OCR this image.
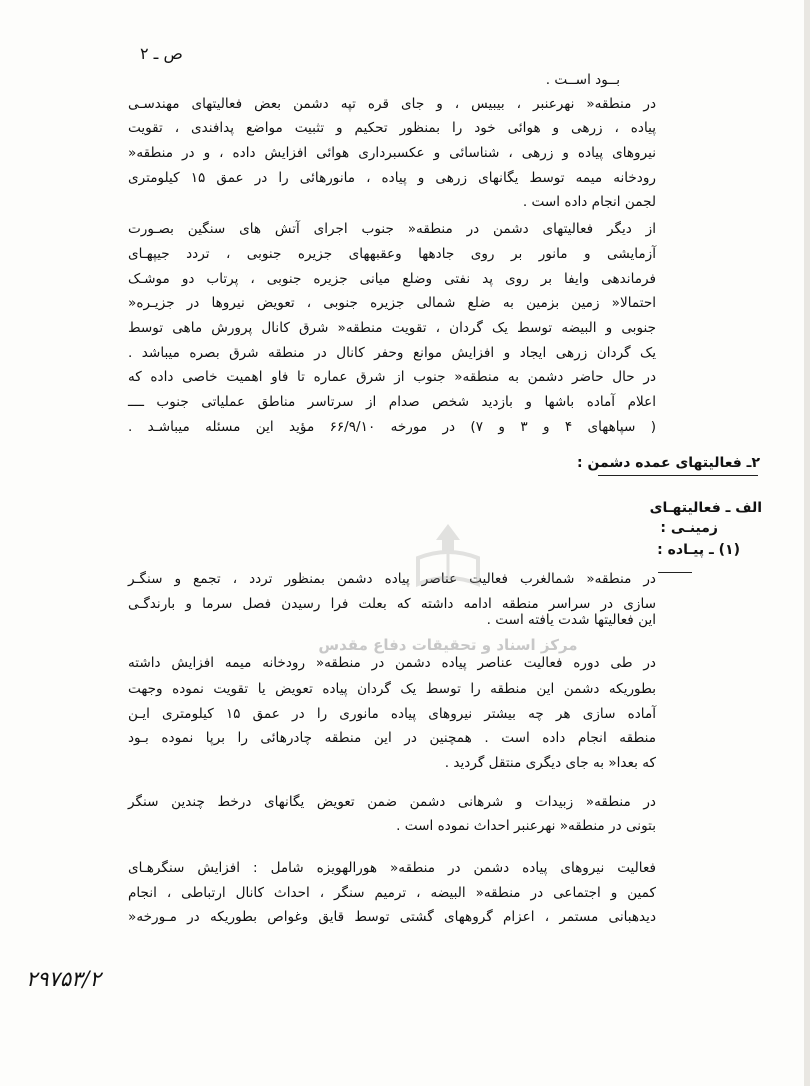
ص ـ ۲
بــود اســت .
در منطقه« نهرعنبر ، بیبیس ، و جای قره تپه دشمن بعض فعالیتهای مهندسـی
پیاده ، زرهی و هوائی خود را بمنظور تحکیم و تثبیت مواضع پدافندی ، تقویت
نیروهای پیاده و زرهی ، شناسائی و عکسبرداری هوائی افزایش داده ، و در منطقه«
رودخانه میمه توسط یگانهای زرهی و پیاده ، مانورهائی را در عمق ۱۵ کیلومتری
لجمن انجام داده است .
از دیگر فعالیتهای دشمن در منطقه« جنوب اجرای آتش های سنگین بصـورت
آزمایشی و مانور بر روی جادهها وعقبههای جزیره جنوبی ، تردد جیپهـای
فرماندهی وایفا بر روی پد نفتی وضلع میانی جزیره جنوبی ، پرتاب دو موشـک
احتمالا« زمین بزمین به ضلع شمالی جزیره جنوبی ، تعویض نیروها در جزیـره«
جنوبی و البیضه توسط یک گردان ، تقویت منطقه« شرق کانال پرورش ماهی توسط
یک گردان زرهی ایجاد و افزایش موانع وحفر کانال در منطقه شرق بصره میباشد .
در حال حاضر دشمن به منطقه« جنوب از شرق عماره تا فاو اهمیت خاصی داده که
اعلام آماده باشها و بازدید شخص صدام از سرتاسر مناطق عملیاتی جنوب ــــ
( سپاههای ۴ و ۳ و ۷) در مورخه ۶۶/۹/۱۰ مؤید این مسئله میباشـد .
۲ـ فعالیتهای عمده دشمن :
الف ـ فعالیتهـای
زمینـی :
(۱) ـ پیـاده :
در منطقه« شمالغرب فعالیت عناصر پیاده دشمن بمنظور تردد ، تجمع و سنگـر
سازی در سراسر منطقه ادامه داشته که بعلت فرا رسیدن فصل سرما و بارندگـی
این فعالیتها شدت یافته است .
در طی دوره فعالیت عناصر پیاده دشمن در منطقه« رودخانه میمه افزایش داشته
بطوریکه دشمن این منطقه را توسط یک گردان پیاده تعویض یا تقویت نموده وجهت
آماده سازی هر چه بیشتر نیروهای پیاده مانوری را در عمق ۱۵ کیلومتری ایـن
منطقه انجام داده است . همچنین در این منطقه چادرهائی را برپا نموده بـود
که بعدا« به جای دیگری منتقل گردید .
در منطقه« زبیدات و شرهانی دشمن ضمن تعویض یگانهای درخط چندین سنگر
بتونی در منطقه« نهرعنبر احداث نموده است .
فعالیت نیروهای پیاده دشمن در منطقه« هورالهویزه شامل : افزایش سنگرهـای
کمین و اجتماعی در منطقه« البیضه ، ترمیم سنگر ، احداث کانال ارتباطی ، انجام
دیدهبانی مستمر ، اعزام گروههای گشتی توسط قایق وغواص بطوریکه در مـورخه«
مرکز اسناد و تحقیقات دفاع مقدس
۲۹۷۵۳/۲
